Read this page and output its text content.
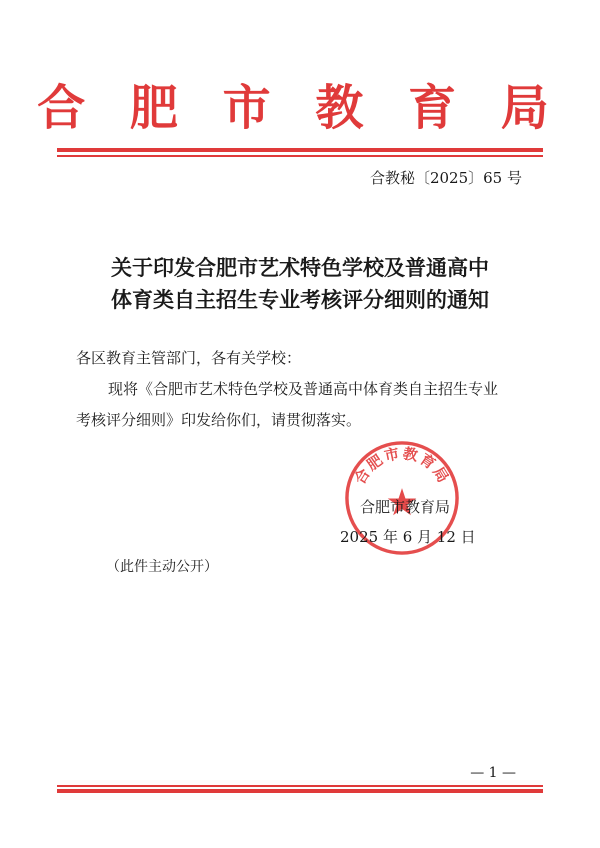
合 肥 市 教 育 局
合教秘〔2025〕65 号
关于印发合肥市艺术特色学校及普通高中
体育类自主招生专业考核评分细则的通知
各区教育主管部门，各有关学校：
现将《合肥市艺术特色学校及普通高中体育类自主招生专业
考核评分细则》印发给你们，请贯彻落实。
合肥市教育局
合肥市教育局
2025 年 6 月 12 日
（此件主动公开）
— 1 —
